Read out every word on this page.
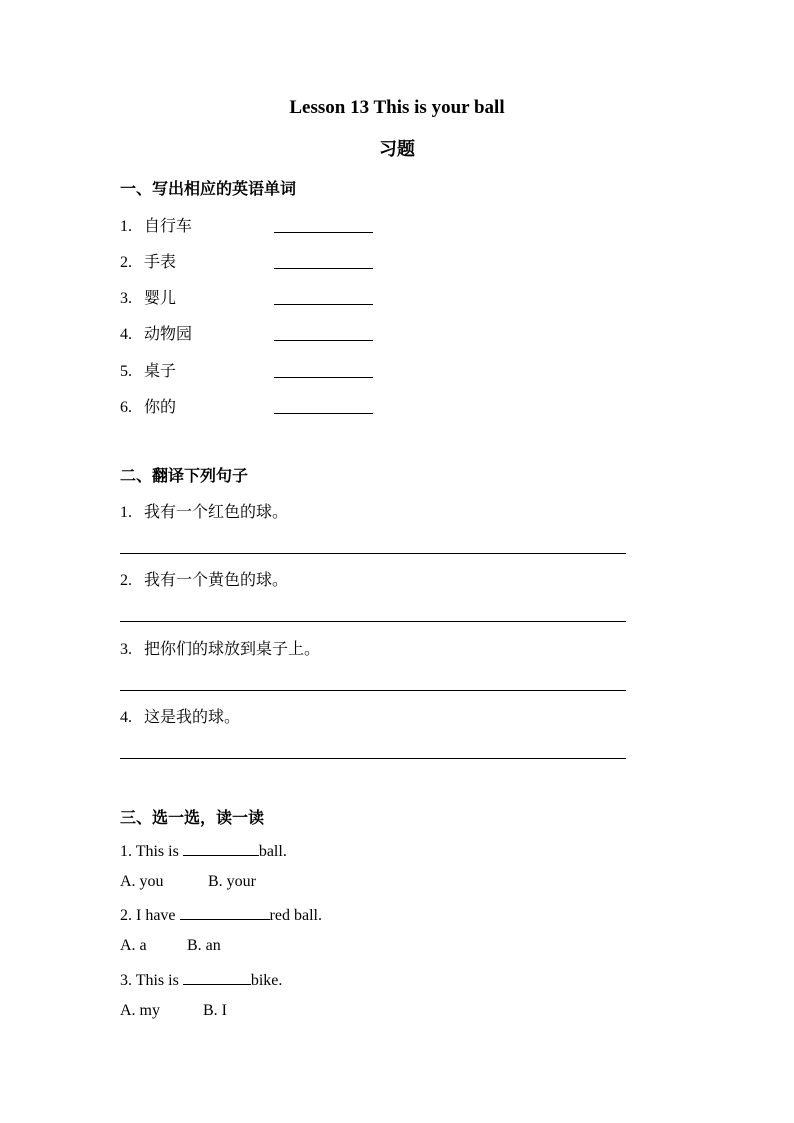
Lesson 13 This is your ball
习题
一、写出相应的英语单词
1. 自行车
2. 手表
3. 婴儿
4. 动物园
5. 桌子
6. 你的
二、翻译下列句子
1. 我有一个红色的球。
2. 我有一个黄色的球。
3. 把你们的球放到桌子上。
4. 这是我的球。
三、选一选，读一读
1. This is	ball.
A. you	B. your
2. I have	red ball.
A. a	B. an
3. This is	bike.
A. my	B. I
